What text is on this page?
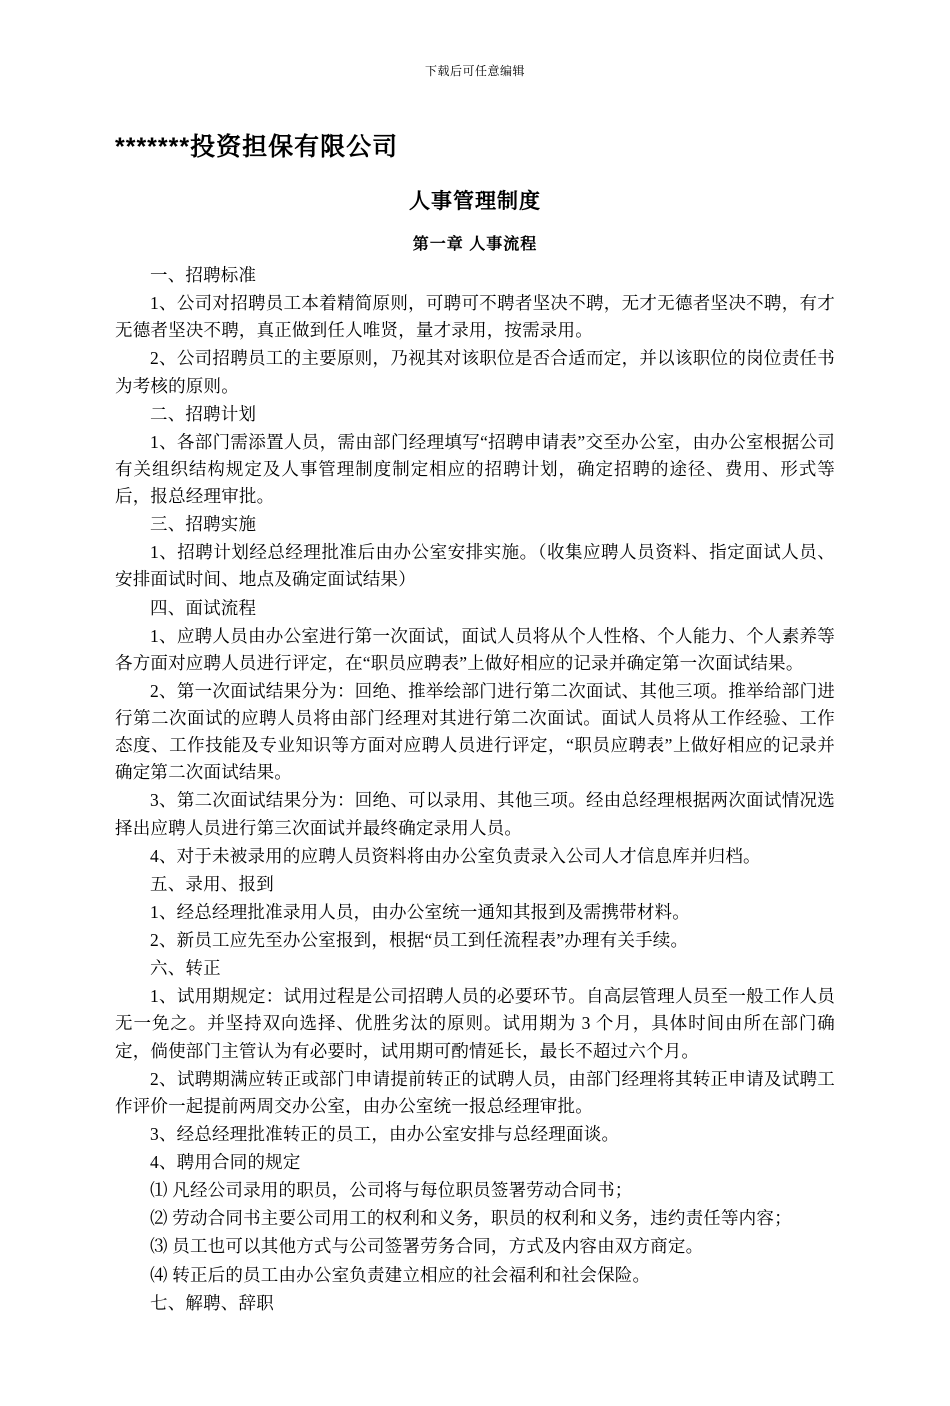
下载后可任意编辑
*******投资担保有限公司
人事管理制度
第一章 人事流程

一、招聘标准

1、公司对招聘员工本着精简原则，可聘可不聘者坚决不聘，无才无德者坚决不聘，有才无德者坚决不聘，真正做到任人唯贤，量才录用，按需录用。

2、公司招聘员工的主要原则，乃视其对该职位是否合适而定，并以该职位的岗位责任书为考核的原则。

二、招聘计划

1、各部门需添置人员，需由部门经理填写“招聘申请表”交至办公室，由办公室根据公司有关组织结构规定及人事管理制度制定相应的招聘计划，确定招聘的途径、费用、形式等后，报总经理审批。

三、招聘实施

1、招聘计划经总经理批准后由办公室安排实施。（收集应聘人员资料、指定面试人员、安排面试时间、地点及确定面试结果）

四、面试流程

1、应聘人员由办公室进行第一次面试，面试人员将从个人性格、个人能力、个人素养等各方面对应聘人员进行评定，在“职员应聘表”上做好相应的记录并确定第一次面试结果。

2、第一次面试结果分为：回绝、推举绘部门进行第二次面试、其他三项。推举给部门进行第二次面试的应聘人员将由部门经理对其进行第二次面试。面试人员将从工作经验、工作态度、工作技能及专业知识等方面对应聘人员进行评定，“职员应聘表”上做好相应的记录并确定第二次面试结果。

3、第二次面试结果分为：回绝、可以录用、其他三项。经由总经理根据两次面试情况选择出应聘人员进行第三次面试并最终确定录用人员。

4、对于未被录用的应聘人员资料将由办公室负责录入公司人才信息库并归档。

五、录用、报到

1、经总经理批准录用人员，由办公室统一通知其报到及需携带材料。

2、新员工应先至办公室报到，根据“员工到任流程表”办理有关手续。

六、转正

1、试用期规定：试用过程是公司招聘人员的必要环节。自高层管理人员至一般工作人员无一免之。并坚持双向选择、优胜劣汰的原则。试用期为 3 个月，具体时间由所在部门确定，倘使部门主管认为有必要时，试用期可酌情延长，最长不超过六个月。

2、试聘期满应转正或部门申请提前转正的试聘人员，由部门经理将其转正申请及试聘工作评价一起提前两周交办公室，由办公室统一报总经理审批。

3、经总经理批准转正的员工，由办公室安排与总经理面谈。

4、聘用合同的规定

⑴ 凡经公司录用的职员，公司将与每位职员签署劳动合同书；

⑵ 劳动合同书主要公司用工的权利和义务，职员的权利和义务，违约责任等内容；

⑶ 员工也可以其他方式与公司签署劳务合同，方式及内容由双方商定。

⑷ 转正后的员工由办公室负责建立相应的社会福利和社会保险。

七、解聘、辞职
